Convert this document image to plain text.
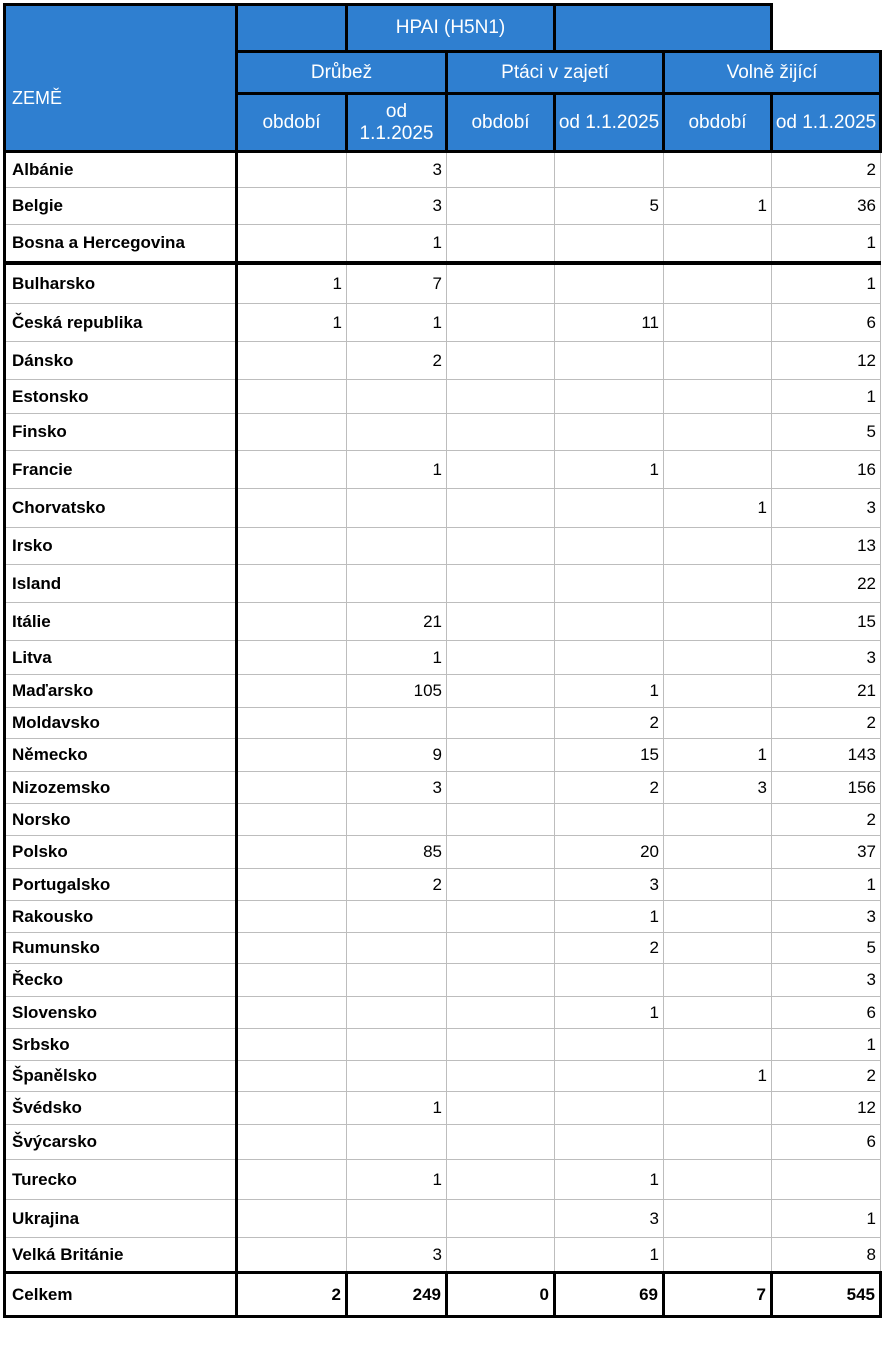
ZEMĚ		HPAI (H5N1)				
	Drůbež		Ptáci v zajetí		Volně žijící	
	období	od 1.1.2025	období	od 1.1.2025	období	od 1.1.2025
Albánie		3				2
Belgie		3		5	1	36
Bosna a Hercegovina		1				1
Bulharsko	1	7				1
Česká republika	1	1		11		6
Dánsko		2				12
Estonsko						1
Finsko						5
Francie		1		1		16
Chorvatsko					1	3
Irsko						13
Island						22
Itálie		21				15
Litva		1				3
Maďarsko		105		1		21
Moldavsko				2		2
Německo		9		15	1	143
Nizozemsko		3		2	3	156
Norsko						2
Polsko		85		20		37
Portugalsko		2		3		1
Rakousko				1		3
Rumunsko				2		5
Řecko						3
Slovensko				1		6
Srbsko						1
Španělsko					1	2
Švédsko		1				12
Švýcarsko						6
Turecko		1		1		
Ukrajina				3		1
Velká Británie		3		1		8
Celkem	2	249	0	69	7	545
